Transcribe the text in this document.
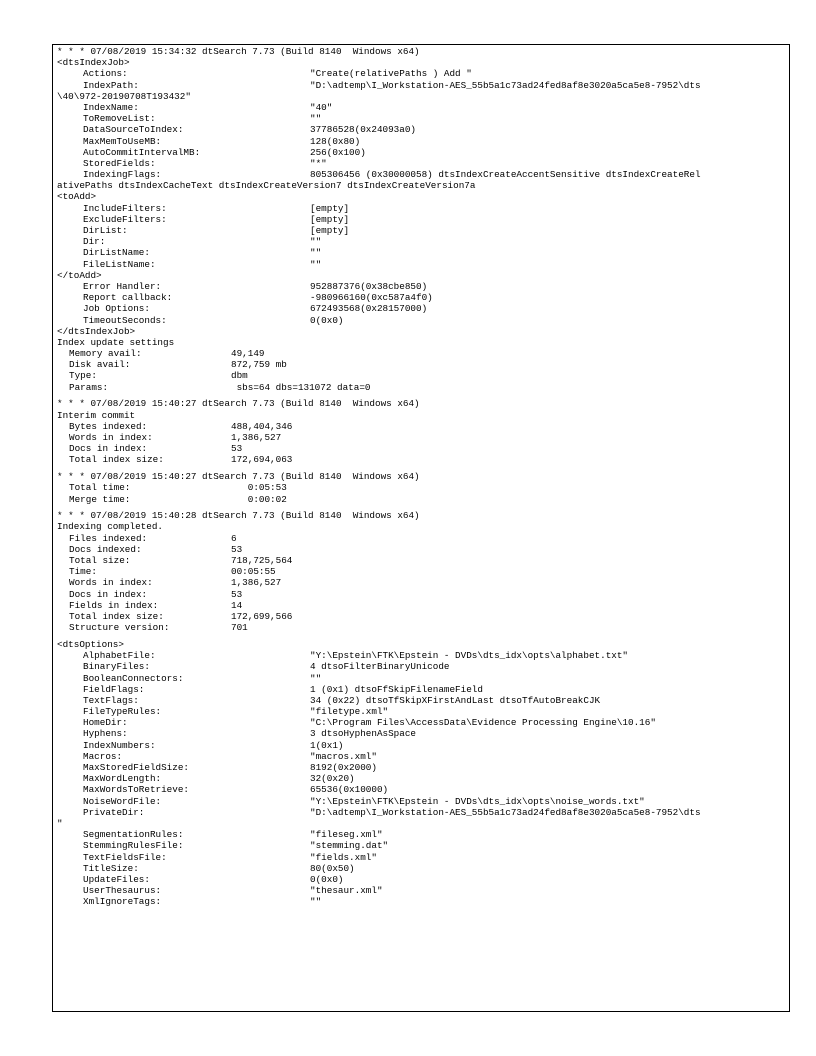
* * * 07/08/2019 15:34:32 dtSearch 7.73 (Build 8140  Windows x64)
<dtsIndexJob>
Actions:	"Create(relativePaths ) Add "
IndexPath:	"D:\adtemp\I_Workstation-AES_55b5a1c73ad24fed8af8e3020a5ca5e8-7952\dts
\40\972-20190708T193432"
IndexName:	"40"
ToRemoveList:	""
DataSourceToIndex:	37786528(0x24093a0)
MaxMemToUseMB:	128(0x80)
AutoCommitIntervalMB:	256(0x100)
StoredFields:	"*"
IndexingFlags:	805306456 (0x30000058) dtsIndexCreateAccentSensitive dtsIndexCreateRel
ativePaths dtsIndexCacheText dtsIndexCreateVersion7 dtsIndexCreateVersion7a
<toAdd>
IncludeFilters:	[empty]
ExcludeFilters:	[empty]
DirList:	[empty]
Dir:	""
DirListName:	""
FileListName:	""
</toAdd>
Error Handler:	952887376(0x38cbe850)
Report callback:	-980966160(0xc587a4f0)
Job Options:	672493568(0x28157000)
TimeoutSeconds:	0(0x0)
</dtsIndexJob>
Index update settings
Memory avail:	49,149
Disk avail:	872,759 mb
Type:	dbm
Params:	sbs=64 dbs=131072 data=0
* * * 07/08/2019 15:40:27 dtSearch 7.73 (Build 8140  Windows x64)
Interim commit
Bytes indexed:	488,404,346
Words in index:	1,386,527
Docs in index:	53
Total index size:	172,694,063
* * * 07/08/2019 15:40:27 dtSearch 7.73 (Build 8140  Windows x64)
Total time:	0:05:53
Merge time:	0:00:02
* * * 07/08/2019 15:40:28 dtSearch 7.73 (Build 8140  Windows x64)
Indexing completed.
Files indexed:	6
Docs indexed:	53
Total size:	718,725,564
Time:	00:05:55
Words in index:	1,386,527
Docs in index:	53
Fields in index:	14
Total index size:	172,699,566
Structure version:	701
<dtsOptions>
AlphabetFile:	"Y:\Epstein\FTK\Epstein - DVDs\dts_idx\opts\alphabet.txt"
BinaryFiles:	4 dtsoFilterBinaryUnicode
BooleanConnectors:	""
FieldFlags:	1 (0x1) dtsoFfSkipFilenameField
TextFlags:	34 (0x22) dtsoTfSkipXFirstAndLast dtsoTfAutoBreakCJK
FileTypeRules:	"filetype.xml"
HomeDir:	"C:\Program Files\AccessData\Evidence Processing Engine\10.16"
Hyphens:	3 dtsoHyphenAsSpace
IndexNumbers:	1(0x1)
Macros:	"macros.xml"
MaxStoredFieldSize:	8192(0x2000)
MaxWordLength:	32(0x20)
MaxWordsToRetrieve:	65536(0x10000)
NoiseWordFile:	"Y:\Epstein\FTK\Epstein - DVDs\dts_idx\opts\noise_words.txt"
PrivateDir:	"D:\adtemp\I_Workstation-AES_55b5a1c73ad24fed8af8e3020a5ca5e8-7952\dts
"
SegmentationRules:	"fileseg.xml"
StemmingRulesFile:	"stemming.dat"
TextFieldsFile:	"fields.xml"
TitleSize:	80(0x50)
UpdateFiles:	0(0x0)
UserThesaurus:	"thesaur.xml"
XmlIgnoreTags:	""
